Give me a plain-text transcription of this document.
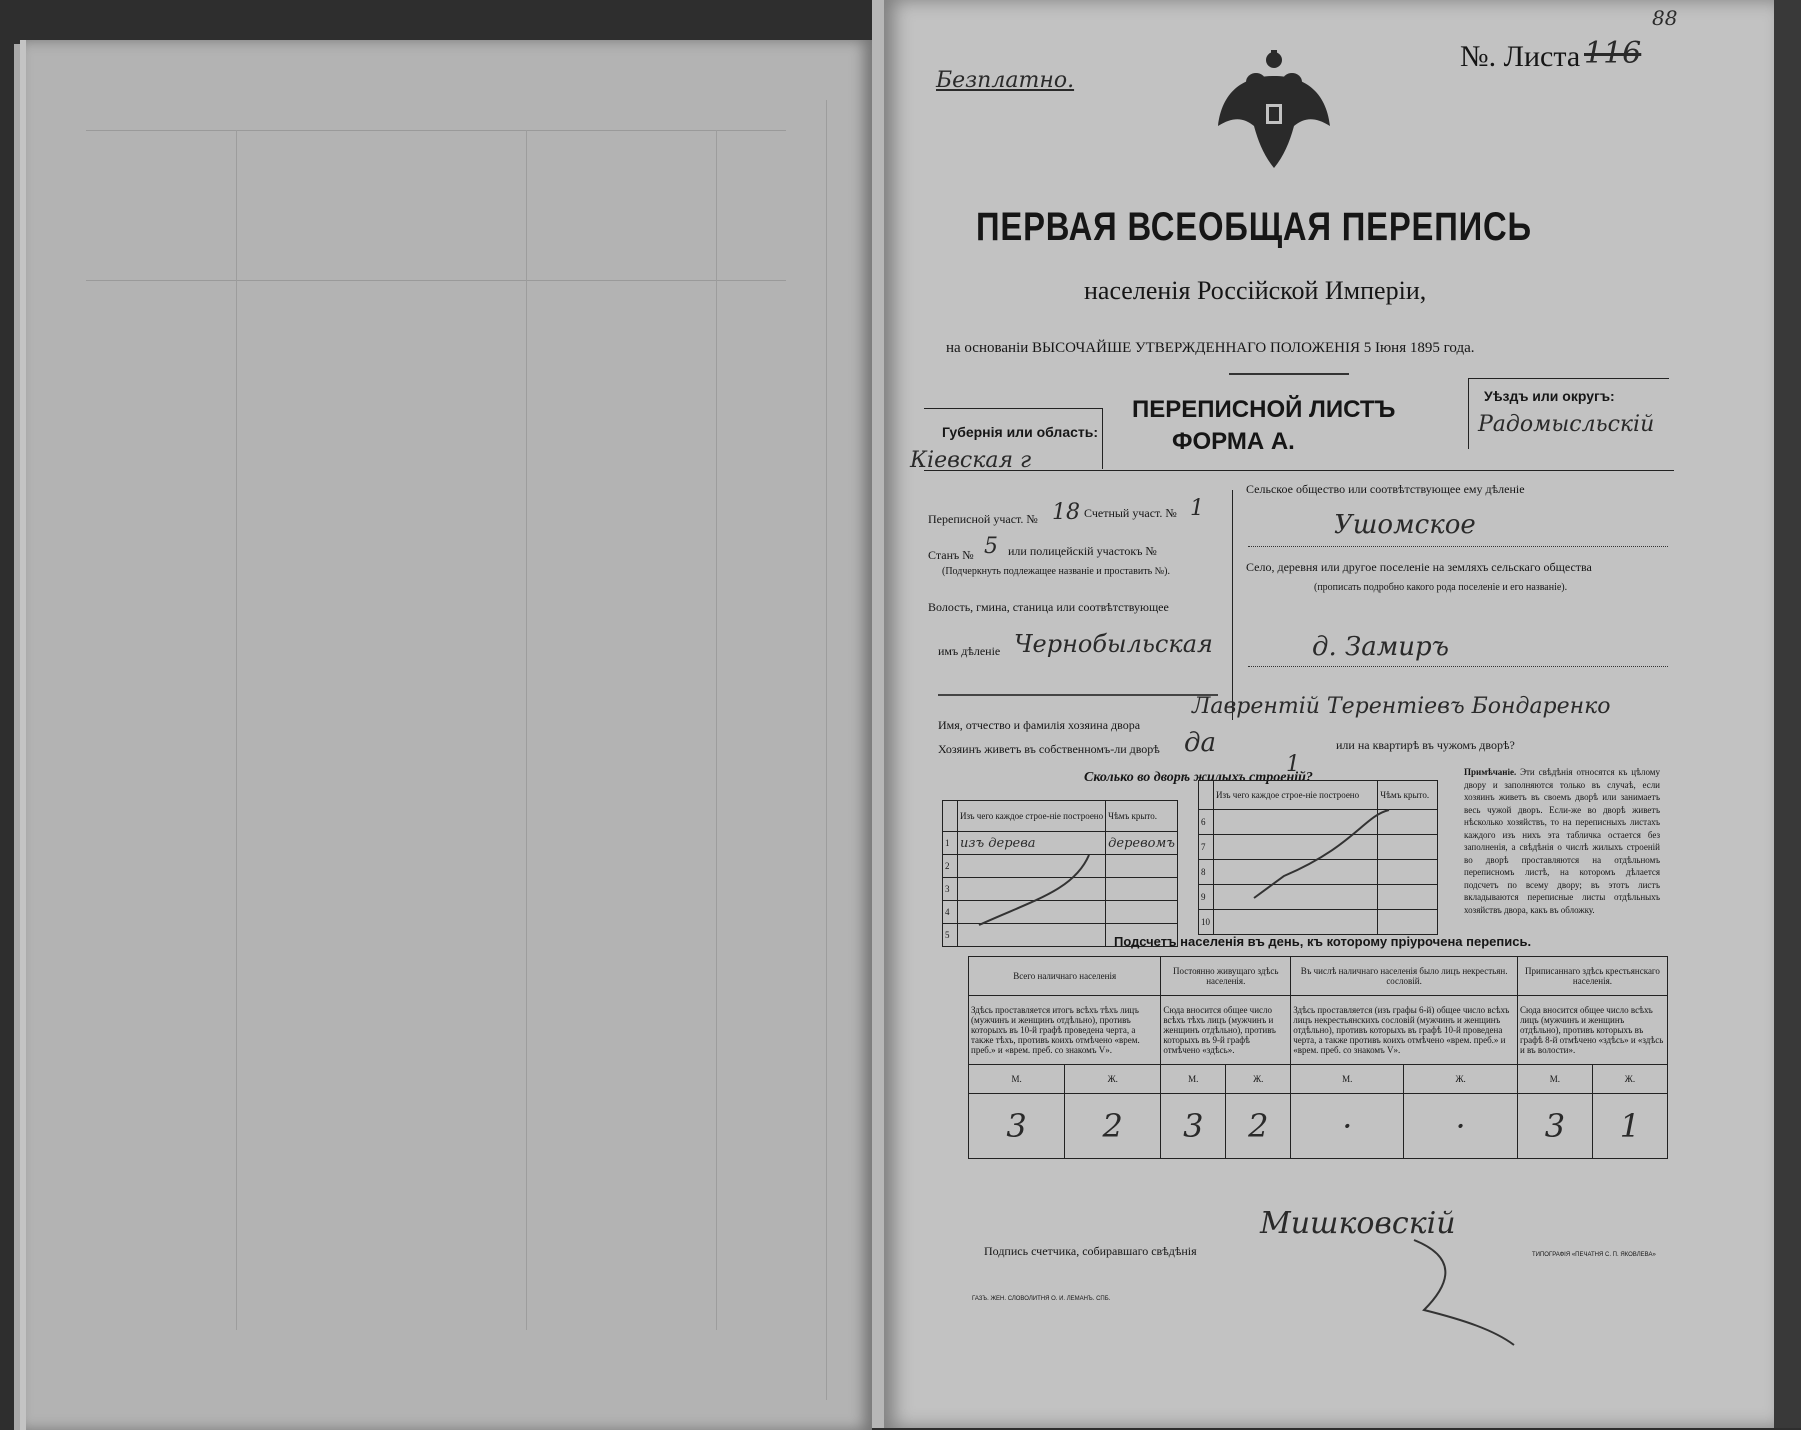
Безплатно.
№. Листа 116
88
ПЕРВАЯ ВСЕОБЩАЯ ПЕРЕПИСЬ
населенія Россійской Имперіи,
на основаніи ВЫСОЧАЙШЕ УТВЕРЖДЕННАГО ПОЛОЖЕНІЯ 5 Іюня 1895 года.
Губернія или область:
Кіевская г
ПЕРЕПИСНОЙ ЛИСТЪ
ФОРМА А.
Уѣздъ или округъ:
Радомысльскій
Переписной участ. № 18 Счетный участ. № 1
Станъ № 5 или полицейскій участокъ №
(Подчеркнуть подлежащее названіе и проставить №).
Волость, гмина, станица или соотвѣтствующее
имъ дѣленіе Чернобыльская
Сельское общество или соотвѣтствующее ему дѣленіе
Ушомское
Село, деревня или другое поселеніе на земляхъ сельскаго общества
(прописать подробно какого рода поселеніе и его названіе).
д. Замиръ
Имя, отчество и фамилія хозяина двора
Лаврентій Терентіевъ Бондаренко
Хозяинъ живетъ въ собственномъ-ли дворѣ да	или на квартирѣ въ чужомъ дворѣ?
Сколько во дворѣ жилыхъ строеній?
1
	Изъ чего каждое строе-ніе построено	Чѣмъ крыто.
1	изъ дерева	деревомъ
2		
3		
4		
5		
	Изъ чего каждое строе-ніе построено	Чѣмъ крыто.
6		
7		
8		
9		
10		
Примѣчаніе. Эти свѣдѣнія относятся къ цѣлому двору и заполняются только въ случаѣ, если хозяинъ живетъ въ своемъ дворѣ или занимаетъ весь чужой дворъ. Если-же во дворѣ живетъ нѣсколько хозяйствъ, то на переписныхъ листахъ каждого изъ нихъ эта табличка остается без заполненія, а свѣдѣнія о числѣ жилыхъ строеній во дворѣ проставляются на отдѣльномъ переписномъ листѣ, на которомъ дѣлается подсчетъ по всему двору; въ этотъ листъ вкладываются переписные листы отдѣльныхъ хозяйствъ двора, какъ въ обложку.
Подсчетъ населенія въ день, къ которому пріурочена перепись.
Всего наличнаго населенія		Постоянно живущаго здѣсь населенія.		Въ числѣ наличнаго населенія было лицъ некрестьян. сословій.		Приписаннаго здѣсь крестьянскаго населенія.	
Здѣсь проставляется итогъ всѣхъ тѣхъ лицъ (мужчинъ и женщинъ отдѣльно), противъ которыхъ въ 10-й графѣ проведена черта, а также тѣхъ, противъ коихъ отмѣчено «врем. преб.» и «врем. преб. со знакомъ V».		Сюда вносится общее число всѣхъ тѣхъ лицъ (мужчинъ и женщинъ отдѣльно), противъ которыхъ въ 9-й графѣ отмѣчено «здѣсь».		Здѣсь проставляется (изъ графы 6-й) общее число всѣхъ лицъ некрестьянскихъ сословій (мужчинъ и женщинъ отдѣльно), противъ которыхъ въ графѣ 10-й проведена черта, а также противъ коихъ отмѣчено «врем. преб.» и «врем. преб. со знакомъ V».		Сюда вносится общее число всѣхъ лицъ (мужчинъ и женщинъ отдѣльно), противъ которыхъ въ графѣ 8-й отмѣчено «здѣсь» и «здѣсь и въ волости».	
М.	Ж.	М.	Ж.	М.	Ж.	М.	Ж.
3	2	3	2	·	·	3	1
Подпись счетчика, собиравшаго свѣдѣнія
Мишковскій
ГАЗЪ. ЖЕН. СЛОВОЛИТНЯ О. И. ЛЕМАНЪ. СПБ.
ТИПОГРАФІЯ «ПЕЧАТНЯ С. П. ЯКОВЛЕВА»
